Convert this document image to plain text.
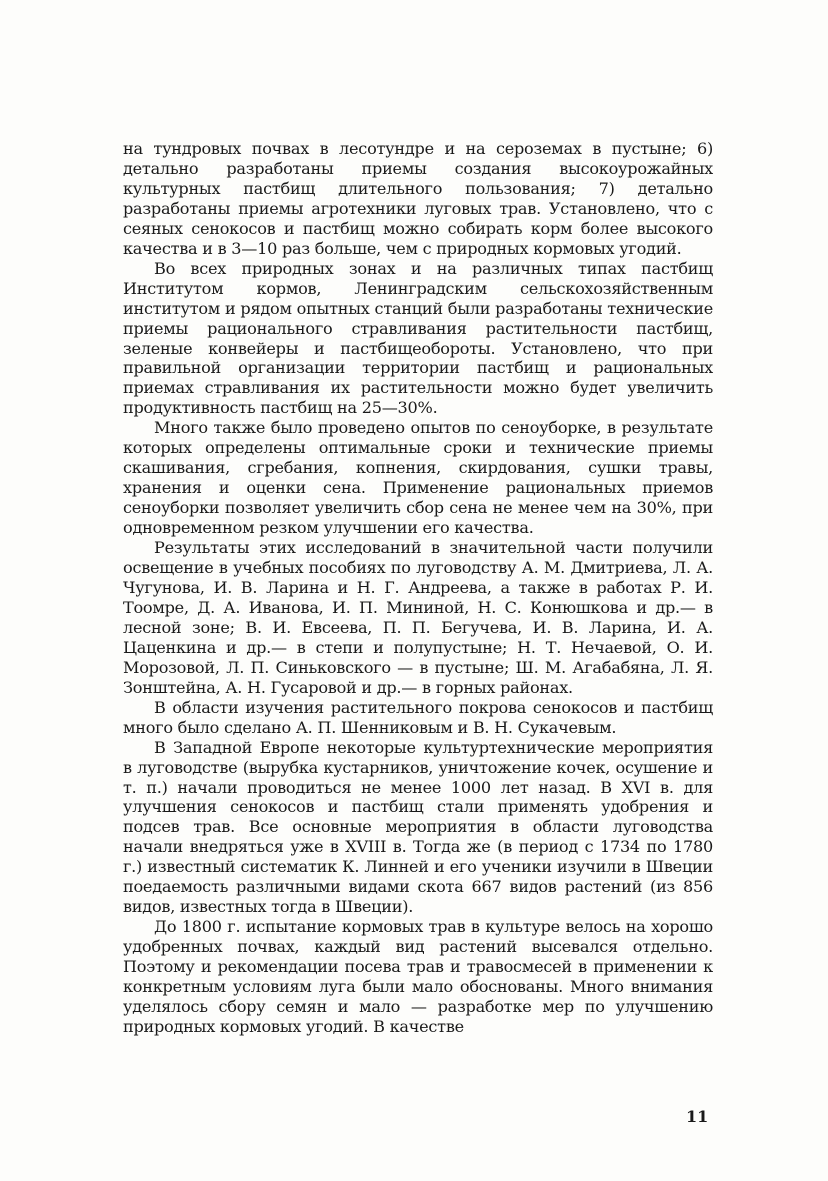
на тундровых почвах в лесотундре и на сероземах в пустыне; 6) детально разработаны приемы создания высокоурожайных культурных пастбищ длительного пользования; 7) детально разработаны приемы агротехники луговых трав. Установлено, что с сеяных сенокосов и пастбищ можно собирать корм более высокого качества и в 3—10 раз больше, чем с природных кормовых угодий.

Во всех природных зонах и на различных типах пастбищ Институтом кормов, Ленинградским сельскохозяйственным институтом и рядом опытных станций были разработаны технические приемы рационального стравливания растительности пастбищ, зеленые конвейеры и пастбищеобороты. Установлено, что при правильной организации территории пастбищ и рациональных приемах стравливания их растительности можно будет увеличить продуктивность пастбищ на 25—30%.

Много также было проведено опытов по сеноуборке, в результате которых определены оптимальные сроки и технические приемы скашивания, сгребания, копнения, скирдования, сушки травы, хранения и оценки сена. Применение рациональных приемов сеноуборки позволяет увеличить сбор сена не менее чем на 30%, при одновременном резком улучшении его качества.

Результаты этих исследований в значительной части получили освещение в учебных пособиях по луговодству А. М. Дмитриева, Л. А. Чугунова, И. В. Ларина и Н. Г. Андреева, а также в работах Р. И. Тоомре, Д. А. Иванова, И. П. Мининой, Н. С. Конюшкова и др.— в лесной зоне; В. И. Евсеева, П. П. Бегучева, И. В. Ларина, И. А. Цаценкина и др.— в степи и полупустыне; Н. Т. Нечаевой, О. И. Морозовой, Л. П. Синьковского — в пустыне; Ш. М. Агабабяна, Л. Я. Зонштейна, А. Н. Гусаровой и др.— в горных районах.

В области изучения растительного покрова сенокосов и пастбищ много было сделано А. П. Шенниковым и В. Н. Сукачевым.

В Западной Европе некоторые культуртехнические мероприятия в луговодстве (вырубка кустарников, уничтожение кочек, осушение и т. п.) начали проводиться не менее 1000 лет назад. В XVI в. для улучшения сенокосов и пастбищ стали применять удобрения и подсев трав. Все основные мероприятия в области луговодства начали внедряться уже в XVIII в. Тогда же (в период с 1734 по 1780 г.) известный систематик К. Линней и его ученики изучили в Швеции поедаемость различными видами скота 667 видов растений (из 856 видов, известных тогда в Швеции).

До 1800 г. испытание кормовых трав в культуре велось на хорошо удобренных почвах, каждый вид растений высевался отдельно. Поэтому и рекомендации посева трав и травосмесей в применении к конкретным условиям луга были мало обоснованы. Много внимания уделялось сбору семян и мало — разработке мер по улучшению природных кормовых угодий. В качестве

11
